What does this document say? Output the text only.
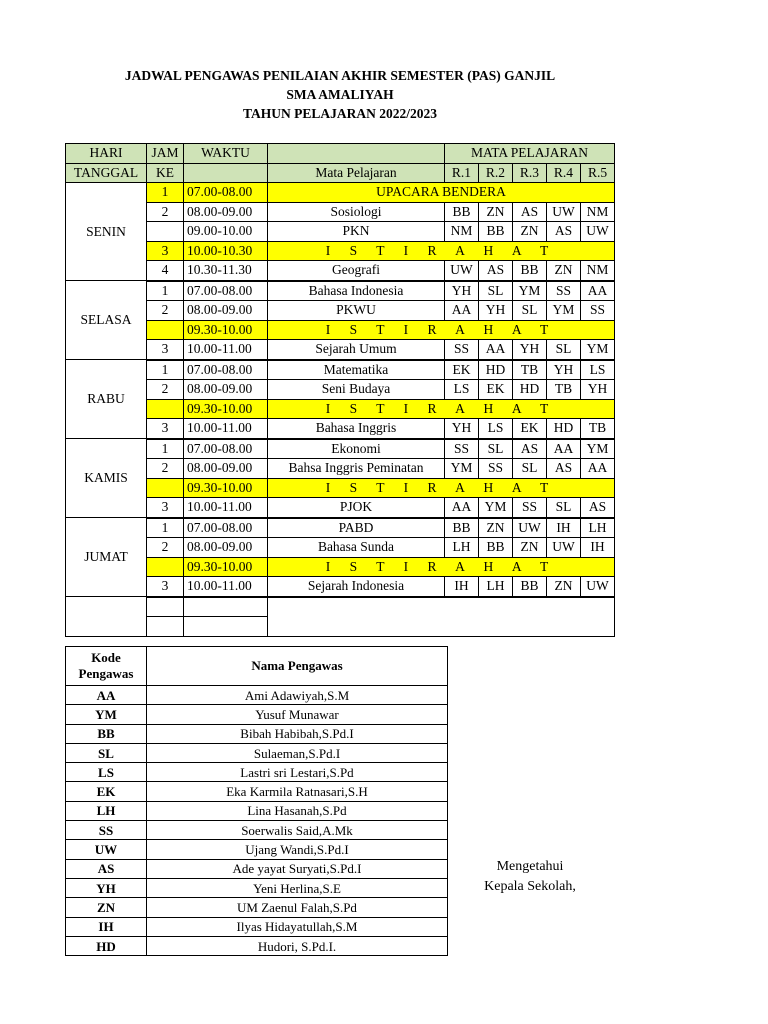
JADWAL PENGAWAS PENILAIAN AKHIR SEMESTER (PAS) GANJIL
SMA AMALIYAH
TAHUN PELAJARAN 2022/2023
HARI	JAM	WAKTU		MATA PELAJARAN				
TANGGAL	KE		Mata Pelajaran	R.1	R.2	R.3	R.4	R.5
SENIN	1	07.00-08.00	UPACARA BENDERA					
	2	08.00-09.00	Sosiologi	BB	ZN	AS	UW	NM
		09.00-10.00	PKN	NM	BB	ZN	AS	UW
	3	10.00-10.30	I S T I R A H A T					
	4	10.30-11.30	Geografi	UW	AS	BB	ZN	NM
SELASA	1	07.00-08.00	Bahasa Indonesia	YH	SL	YM	SS	AA
	2	08.00-09.00	PKWU	AA	YH	SL	YM	SS
		09.30-10.00	I S T I R A H A T					
	3	10.00-11.00	Sejarah Umum	SS	AA	YH	SL	YM
RABU	1	07.00-08.00	Matematika	EK	HD	TB	YH	LS
	2	08.00-09.00	Seni Budaya	LS	EK	HD	TB	YH
		09.30-10.00	I S T I R A H A T					
	3	10.00-11.00	Bahasa Inggris	YH	LS	EK	HD	TB
KAMIS	1	07.00-08.00	Ekonomi	SS	SL	AS	AA	YM
	2	08.00-09.00	Bahsa Inggris Peminatan	YM	SS	SL	AS	AA
		09.30-10.00	I S T I R A H A T					
	3	10.00-11.00	PJOK	AA	YM	SS	SL	AS
JUMAT	1	07.00-08.00	PABD	BB	ZN	UW	IH	LH
	2	08.00-09.00	Bahasa Sunda	LH	BB	ZN	UW	IH
		09.30-10.00	I S T I R A H A T					
	3	10.00-11.00	Sejarah Indonesia	IH	LH	BB	ZN	UW

Kode Pengawas	Nama Pengawas
AA	Ami Adawiyah,S.M
YM	Yusuf Munawar
BB	Bibah Habibah,S.Pd.I
SL	Sulaeman,S.Pd.I
LS	Lastri sri Lestari,S.Pd
EK	Eka Karmila Ratnasari,S.H
LH	Lina Hasanah,S.Pd
SS	Soerwalis Said,A.Mk
UW	Ujang Wandi,S.Pd.I
AS	Ade yayat Suryati,S.Pd.I
YH	Yeni Herlina,S.E
ZN	UM Zaenul Falah,S.Pd
IH	Ilyas Hidayatullah,S.M
HD	Hudori, S.Pd.I.
Mengetahui
Kepala Sekolah,
